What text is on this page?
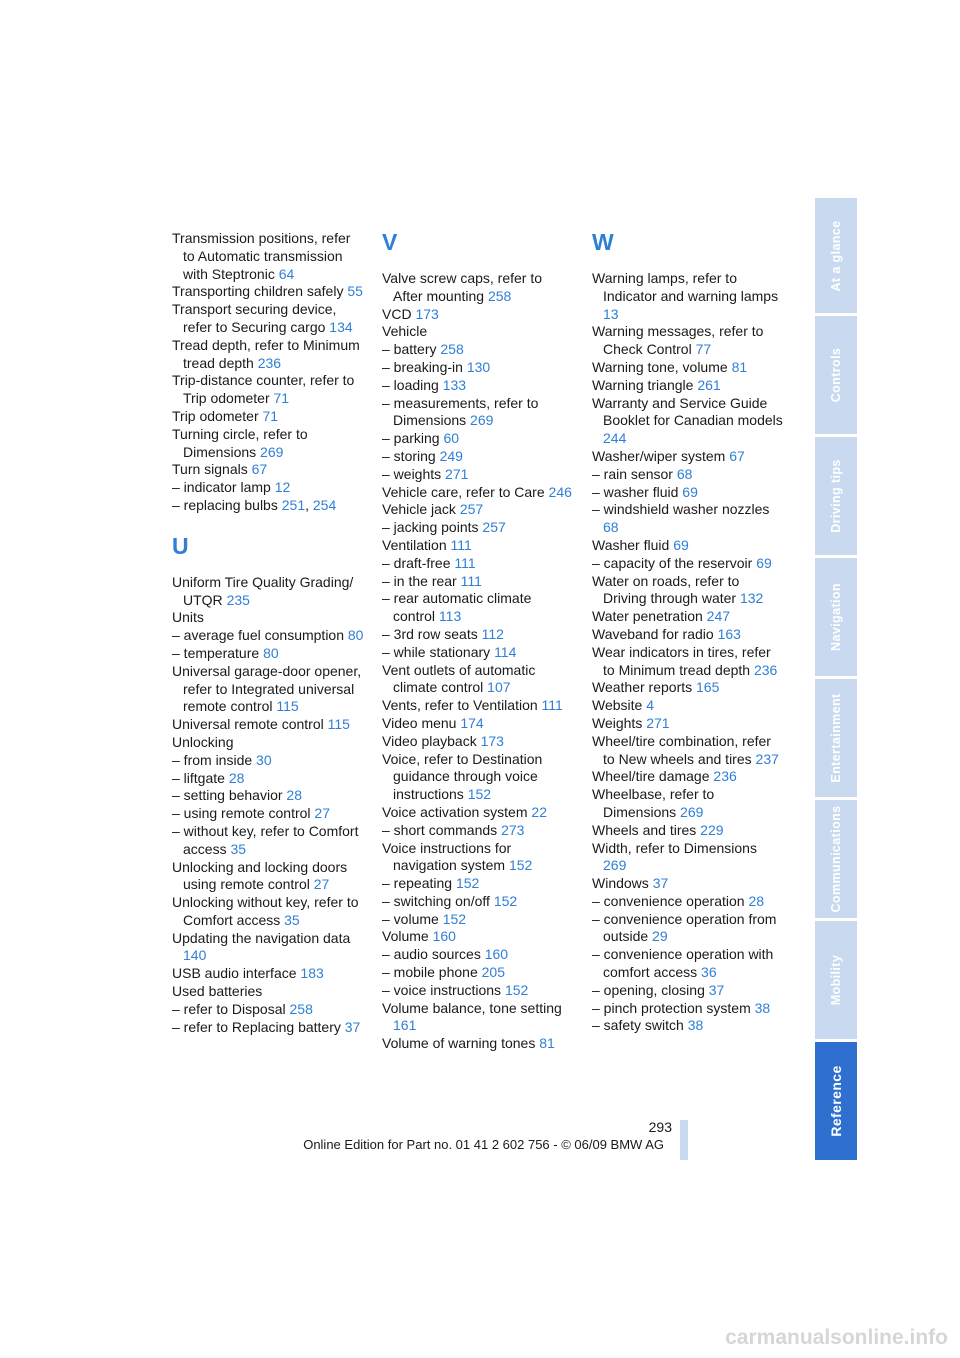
Transmission positions, refer to Automatic transmission with Steptronic 64
Transporting children safely 55
Transport securing device, refer to Securing cargo 134
Tread depth, refer to Minimum tread depth 236
Trip-distance counter, refer to Trip odometer 71
Trip odometer 71
Turning circle, refer to Dimensions 269
Turn signals 67
– indicator lamp 12
– replacing bulbs 251, 254
U
Uniform Tire Quality Grading/ UTQR 235
Units
– average fuel consumption 80
– temperature 80
Universal garage-door opener, refer to Integrated universal remote control 115
Universal remote control 115
Unlocking
– from inside 30
– liftgate 28
– setting behavior 28
– using remote control 27
– without key, refer to Comfort access 35
Unlocking and locking doors using remote control 27
Unlocking without key, refer to Comfort access 35
Updating the navigation data 140
USB audio interface 183
Used batteries
– refer to Disposal 258
– refer to Replacing battery 37
V
Valve screw caps, refer to After mounting 258
VCD 173
Vehicle
– battery 258
– breaking-in 130
– loading 133
– measurements, refer to Dimensions 269
– parking 60
– storing 249
– weights 271
Vehicle care, refer to Care 246
Vehicle jack 257
– jacking points 257
Ventilation 111
– draft-free 111
– in the rear 111
– rear automatic climate control 113
– 3rd row seats 112
– while stationary 114
Vent outlets of automatic climate control 107
Vents, refer to Ventilation 111
Video menu 174
Video playback 173
Voice, refer to Destination guidance through voice instructions 152
Voice activation system 22
– short commands 273
Voice instructions for navigation system 152
– repeating 152
– switching on/off 152
– volume 152
Volume 160
– audio sources 160
– mobile phone 205
– voice instructions 152
Volume balance, tone setting 161
Volume of warning tones 81
W
Warning lamps, refer to Indicator and warning lamps 13
Warning messages, refer to Check Control 77
Warning tone, volume 81
Warning triangle 261
Warranty and Service Guide Booklet for Canadian models 244
Washer/wiper system 67
– rain sensor 68
– washer fluid 69
– windshield washer nozzles 68
Washer fluid 69
– capacity of the reservoir 69
Water on roads, refer to Driving through water 132
Water penetration 247
Waveband for radio 163
Wear indicators in tires, refer to Minimum tread depth 236
Weather reports 165
Website 4
Weights 271
Wheel/tire combination, refer to New wheels and tires 237
Wheel/tire damage 236
Wheelbase, refer to Dimensions 269
Wheels and tires 229
Width, refer to Dimensions 269
Windows 37
– convenience operation 28
– convenience operation from outside 29
– convenience operation with comfort access 36
– opening, closing 37
– pinch protection system 38
– safety switch 38
At a glance
Controls
Driving tips
Navigation
Entertainment
Communications
Mobility
Reference
293
Online Edition for Part no. 01 41 2 602 756 - © 06/09 BMW AG
carmanualsonline.info
